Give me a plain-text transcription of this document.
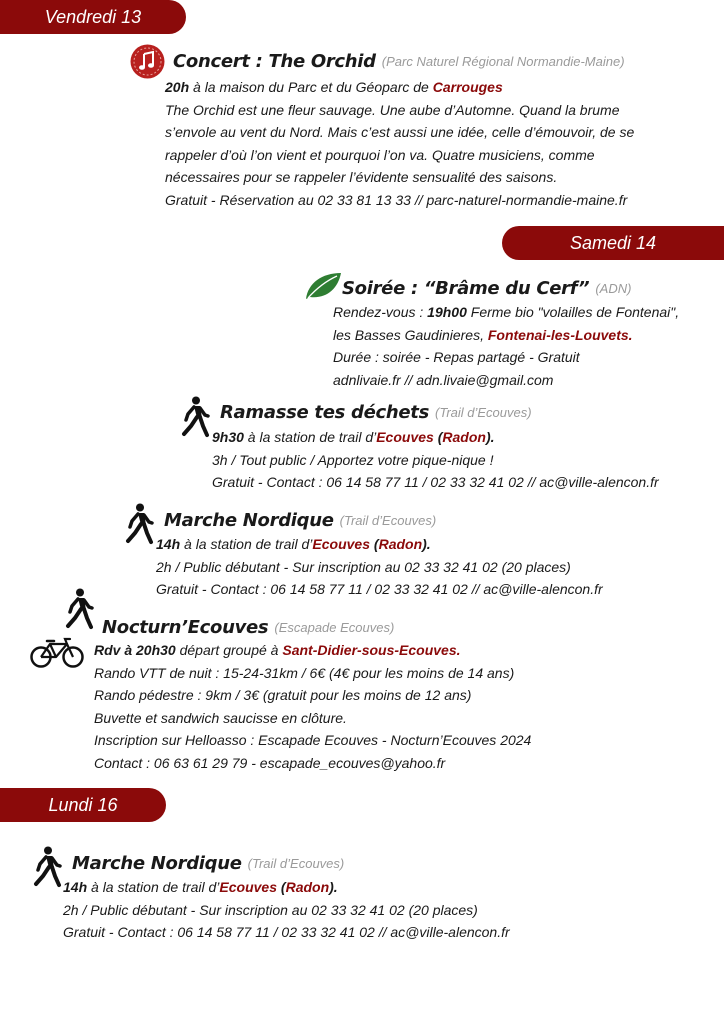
Vendredi 13
Concert : The Orchid (Parc Naturel Régional Normandie-Maine)
20h à la maison du Parc et du Géoparc de Carrouges
The Orchid est une fleur sauvage. Une aube d’Automne. Quand la brume
s’envole au vent du Nord. Mais c’est aussi une idée, celle d’émouvoir, de se
rappeler d’où l’on vient et pourquoi l’on va. Quatre musiciens, comme
nécessaires pour se rappeler l’évidente sensualité des saisons.
Gratuit - Réservation au 02 33 81 13 33 // parc-naturel-normandie-maine.fr
Samedi 14
Soirée : “Brâme du Cerf” (ADN)
Rendez-vous : 19h00 Ferme bio "volailles de Fontenai",
les Basses Gaudinieres, Fontenai-les-Louvets.
Durée : soirée - Repas partagé - Gratuit
adnlivaie.fr // adn.livaie@gmail.com
Ramasse tes déchets (Trail d’Ecouves)
9h30 à la station de trail d’Ecouves (Radon).
3h / Tout public / Apportez votre pique-nique !
Gratuit - Contact : 06 14 58 77 11 / 02 33 32 41 02 // ac@ville-alencon.fr
Marche Nordique (Trail d’Ecouves)
14h à la station de trail d’Ecouves (Radon).
2h / Public débutant - Sur inscription au 02 33 32 41 02 (20 places)
Gratuit - Contact : 06 14 58 77 11 / 02 33 32 41 02 // ac@ville-alencon.fr
Nocturn’Ecouves (Escapade Ecouves)
Rdv à 20h30 départ groupé à Sant-Didier-sous-Ecouves.
Rando VTT de nuit : 15-24-31km / 6€ (4€ pour les moins de 14 ans)
Rando pédestre : 9km / 3€ (gratuit pour les moins de 12 ans)
Buvette et sandwich saucisse en clôture.
Inscription sur Helloasso : Escapade Ecouves - Nocturn’Ecouves 2024
Contact : 06 63 61 29 79 - escapade_ecouves@yahoo.fr
Lundi 16
Marche Nordique (Trail d’Ecouves)
14h à la station de trail d’Ecouves (Radon).
2h / Public débutant - Sur inscription au 02 33 32 41 02 (20 places)
Gratuit - Contact : 06 14 58 77 11 / 02 33 32 41 02 // ac@ville-alencon.fr
